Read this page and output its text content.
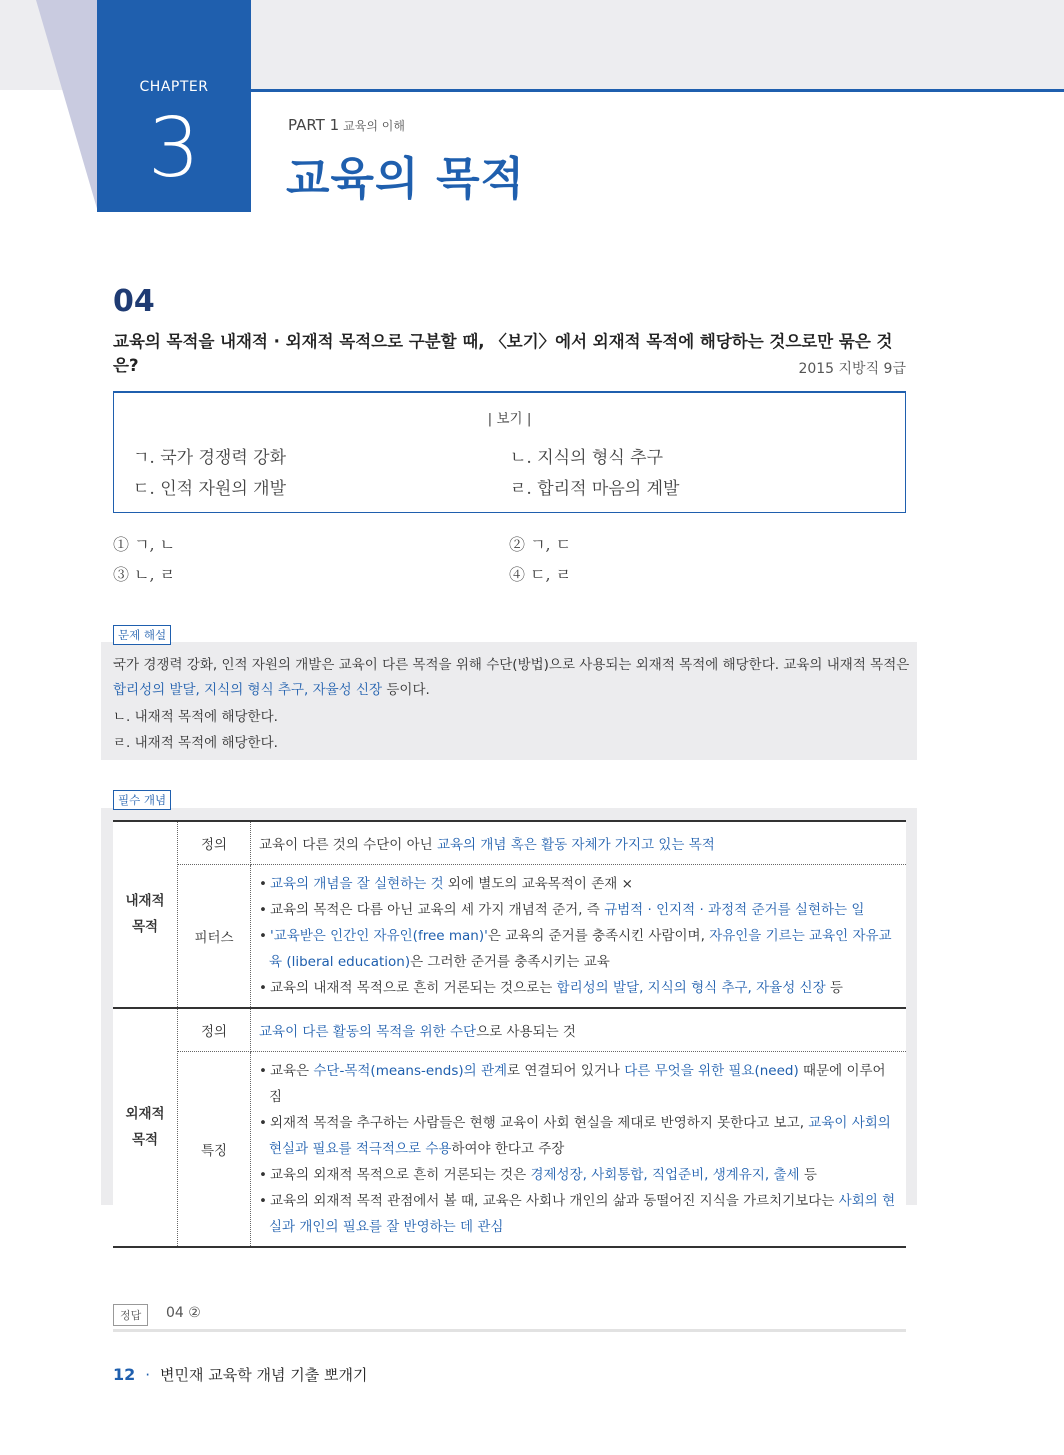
CHAPTER
3	PART 1 교육의 이해
교육의 목적
04
교육의 목적을 내재적 · 외재적 목적으로 구분할 때, 〈보기〉에서 외재적 목적에 해당하는 것으로만 묶은 것은?	2015 지방직 9급
| 보기 |
ㄱ. 국가 경쟁력 강화	ㄴ. 지식의 형식 추구
ㄷ. 인적 자원의 개발	ㄹ. 합리적 마음의 계발
① ㄱ, ㄴ	② ㄱ, ㄷ
③ ㄴ, ㄹ	④ ㄷ, ㄹ
문제 해설
국가 경쟁력 강화, 인적 자원의 개발은 교육이 다른 목적을 위해 수단(방법)으로 사용되는 외재적 목적에 해당한다. 교육의 내재적 목적은
합리성의 발달, 지식의 형식 추구, 자율성 신장 등이다.
ㄴ. 내재적 목적에 해당한다.
ㄹ. 내재적 목적에 해당한다.
필수 개념
내재적 목적	정의	교육이 다른 것의 수단이 아닌 교육의 개념 혹은 활동 자체가 가지고 있는 목적
	피터스	• 교육의 개념을 잘 실현하는 것 외에 별도의 교육목적이 존재 ×
• 교육의 목적은 다름 아닌 교육의 세 가지 개념적 준거, 즉 규범적 · 인지적 · 과정적 준거를 실현하는 일
• '교육받은 인간인 자유인(free man)'은 교육의 준거를 충족시킨 사람이며, 자유인을 기르는 교육인 자유교육 (liberal education)은 그러한 준거를 충족시키는 교육
• 교육의 내재적 목적으로 흔히 거론되는 것으로는 합리성의 발달, 지식의 형식 추구, 자율성 신장 등

외재적 목적	정의	교육이 다른 활동의 목적을 위한 수단으로 사용되는 것
	특징	• 교육은 수단-목적(means-ends)의 관계로 연결되어 있거나 다른 무엇을 위한 필요(need) 때문에 이루어짐
• 외재적 목적을 추구하는 사람들은 현행 교육이 사회 현실을 제대로 반영하지 못한다고 보고, 교육이 사회의 현실과 필요를 적극적으로 수용하여야 한다고 주장
• 교육의 외재적 목적으로 흔히 거론되는 것은 경제성장, 사회통합, 직업준비, 생계유지, 출세 등
• 교육의 외재적 목적 관점에서 볼 때, 교육은 사회나 개인의 삶과 동떨어진 지식을 가르치기보다는 사회의 현실과 개인의 필요를 잘 반영하는 데 관심
정답	04 ②
12 · 변민재 교육학 개념 기출 뽀개기
